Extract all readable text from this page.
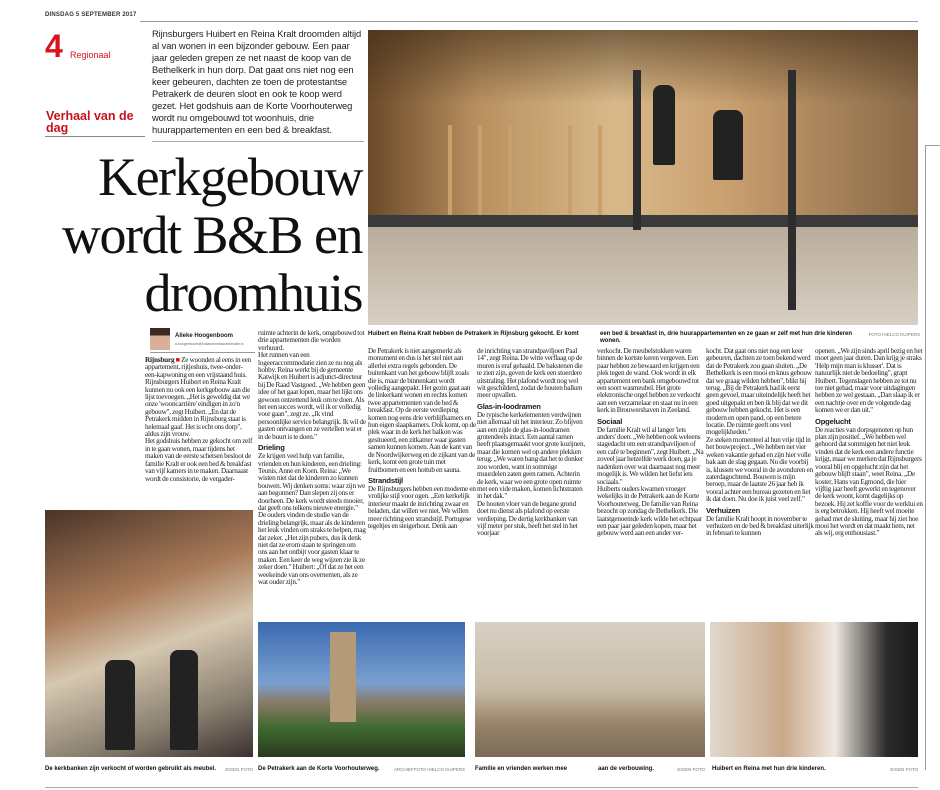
DINSDAG 5 SEPTEMBER 2017
4 Regionaal
Verhaal van de dag
Rijnsburgers Huibert en Reina Kralt droomden altijd al van wonen in een bijzonder gebouw. Een paar jaar geleden grepen ze net naast de koop van de Bethelkerk in hun dorp. Dat gaat ons niet nog een keer gebeuren, dachten ze toen de protestantse Petrakerk de deuren sloot en ook te koop werd gezet. Het godshuis aan de Korte Voorhouterweg wordt nu omgebouwd tot woonhuis, drie huurappartementen en een bed & breakfast.
Kerkgebouw wordt B&B en droomhuis
Huibert en Reina Kralt hebben de Petrakerk in Rijnsburg gekocht. Er komt	een bed & breakfast in, drie huurappartementen en ze gaan er zelf met hun drie kinderen wonen.
FOTO HIELCO KUIPERS
Alieke Hoogenboom
a.hoogenboom@hollandmediacombinatie.nl

Rijnsburg ■ Ze woonden al eens in een appartement, rijtjeshuis, twee-onder-een-kapwoning en een vrijstaand huis. Rijnsburgers Huibert en Reina Kralt kunnen nu ook een kerkgebouw aan die lijst toevoegen. „Het is geweldig dat we onze 'wooncarrière' eindigen in zo'n gebouw", zegt Huibert. „En dat de Petrakerk midden in Rijnsburg staat is helemaal gaaf. Het is echt ons dorp", aldus zijn vrouw.

Het godshuis hebben ze gekocht om zelf in te gaan wonen, maar tijdens het maken van de eerste schetsen besloot de familie Kralt er ook een bed & breakfast van vijf kamers in te maken. Daarnaast wordt de consistorie, de vergader-

ruimte achterin de kerk, omgebouwd tot drie appartementen die worden verhuurd.

Het runnen van een logeeraccommodatie zien ze nu nog als hobby. Reina werkt bij de gemeente Katwijk en Huibert is adjunct-directeur bij De Raad Vastgoed. „We hebben geen idee of het gaat lopen, maar het lijkt ons gewoon ontzettend leuk om te doen. Als het een succes wordt, wil ik er volledig voor gaan", zegt ze. „Ik vind persoonlijke service belangrijk. Ik wil de gasten ontvangen en ze vertellen wat er in de buurt is te doen."

Drieling

Ze krijgen veel hulp van familie, vrienden en hun kinderen, een drieling: Teunis, Anne en Koen. Reina: „We wisten niet dat de kinderen zo kunnen bouwen. Wij denken soms: waar zijn we aan begonnen? Dan slepen zij ons er doorheen. De kerk wordt steeds mooier, dat geeft ons telkens nieuwe energie."

De ouders vinden de studie van de drieling belangrijk, maar als de kinderen het leuk vinden om straks te helpen, mag dat zeker. „Het zijn pubers, dus ik denk niet dat ze erom staan te springen om ons aan het ontbijt voor gasten klaar te maken. Een keer de weg wijzen zie ik ze zeker doen." Huibert: „Of dat ze het een weekeinde van ons overnemen, als ze wat ouder zijn."

De Petrakerk is niet aangemerkt als monument en dus is het stel niet aan allerlei extra regels gebonden. De buitenkant van het gebouw blijft zoals die is, maar de binnenkant wordt volledig aangepakt. Het gezin gaat aan de linkerkant wonen en rechts komen twee appartementen van de bed & breakfast. Op de eerste verdieping komen nog eens drie verblijfkamers en hun eigen slaapkamers. Ook komt, op de plek waar in de kerk het balkon was gesitueerd, een zitkamer waar gasten samen kunnen komen. Aan de kant van de Noordwijkerweg en de zijkant van de kerk, komt een grote tuin met fruitbomen en een hottub en sauna.

Strandstijl

De Rijnsburgers hebben een moderne en vrolijke stijl voor ogen. „Een kerkelijk interieur maakt de inrichting zwaar en beladen, dat willen we niet. We willen meer richting een strandstijl. Portugese tegeltjes en steigerhout. Denk aan

de inrichting van strandpaviljoen Paal 14", zegt Reina. De witte verflaag op de muren is eraf gehaald. De bakstenen die te zien zijn, geven de kerk een stoerdere uitstraling. Het plafond wordt nog wel wit geschilderd, zodat de houten balken meer opvallen.

Glas-in-loodramen

De typische kerkelementen verdwijnen niet allemaal uit het interieur. Zo blijven aan een zijde de glas-in-loodramen grotendeels intact. Een aantal ramen heeft plaatsgemaakt voor grote kozijnen, maar die komen wel op andere plekken terug. „We waren bang dat het te donker zou worden, want in sommige muurdelen zaten geen ramen. Achterin de kerk, waar we een grote open ruimte met een vide maken, komen lichtstraten in het dak."

De houten vloer van de begane grond doet nu dienst als plafond op eerste verdieping. De dertig kerkbanken van vijf meter per stuk, heeft het stel in het voorjaar

verkocht. De meubelstukken waren binnen de kortste keren vergeven. Een paar hebben ze bewaard en krijgen een plek tegen de wand. Ook wordt in elk appartement een bank omgebouwd tot een soort wasmeubel. Het grote elektronische orgel hebben ze verkocht aan een verzamelaar en staat nu in een kerk in Brouwershaven in Zeeland.

Sociaal

De familie Kralt wil al langer 'iets anders' doen. „We hebben ook weleens stagedacht om een strandpaviljoen of een café te beginnen", zegt Huibert. „Na zoveel jaar hetzelfde werk doen, ga je nadenken over wat daarnaast nog meer mogelijk is. We wilden het liefst iets sociaals."

Huiberts ouders kwamen vroeger wekelijks in de Petrakerk aan de Korte Voorhouterweg. De familie van Reina bezocht op zondag de Bethelkerk. Die laatstgenoemde kerk wilde het echtpaar een paar jaar geleden kopen, maar het gebouw werd aan een ander ver-

kocht. Dat gaat ons niet nog een keer gebeuren, dachten ze toen bekend werd dat de Petrakerk zou gaan sluiten. „De Bethelkerk is een mooi en knus gebouw dat we graag wilden hebben", blikt hij terug. „Bij de Petrakerk had ik eerst geen gevoel, maar uiteindelijk heeft het goed uitgepakt en ben ik blij dat we dit gebouw hebben gekocht. Het is een modern en open pand, op een betere locatie. De ruimte geeft ons veel mogelijkheden."

Ze steken momenteel al hun vrije tijd in het bouwproject. „We hebben net vier weken vakantie gehad en zijn hier volle bak aan de slag gegaan. Nu die voorbij is, klussen we vooral in de avonduren en zaterdagochtend. Bouwen is mijn beroep, maar de laatste 26 jaar heb ik vooral achter een bureau gezeten en liet ik dat doen. Nu doe ik juist veel zelf."

Verhuizen

De familie Kralt hoopt in november te verhuizen en de bed & breakfast uiterlijk in februari te kunnen

openen. „We zijn sinds april bezig en het moet geen jaar duren. Dan krijg je straks 'Help mijn man is klusser'. Dat is natuurlijk niet de bedoeling", grapt Huibert. Tegenslagen hebben ze tot nu toe niet gehad, maar voor uitdagingen hebben ze wel gestaan. „Dan slaap ik er een nachtje over en de volgende dag komen we er dan uit."

Opgelucht

De reacties van dorpsgenoten op hun plan zijn positief. „We hebben wel gehoord dat sommigen het niet leuk vinden dat de kerk een andere functie krijgt, maar we merken dat Rijnsburgers vooral blij en opgelucht zijn dat het gebouw blijft staan", weet Reina. „De koster, Hans van Egmond, die hier vijftig jaar heeft gewerkt en tegenover de kerk woont, komt dagelijks op bezoek. Hij zet koffie voor de werklui en is erg betrokken. Hij heeft wel moeite gehad met de sluiting, maar hij ziet hoe mooi het wordt en dat maakt hem, net als wij, erg enthousiast."

De kerkbanken zijn verkocht of worden gebruikt als meubel. EIGEN FOTO De Petrakerk aan de Korte Voorhouterweg.	ARCHIEFFOTO HIELCO KUIPERS Familie en vrienden werken mee	aan de verbouwing.	EIGEN FOTO Huibert en Reina met hun drie kinderen.	EIGEN FOTO
